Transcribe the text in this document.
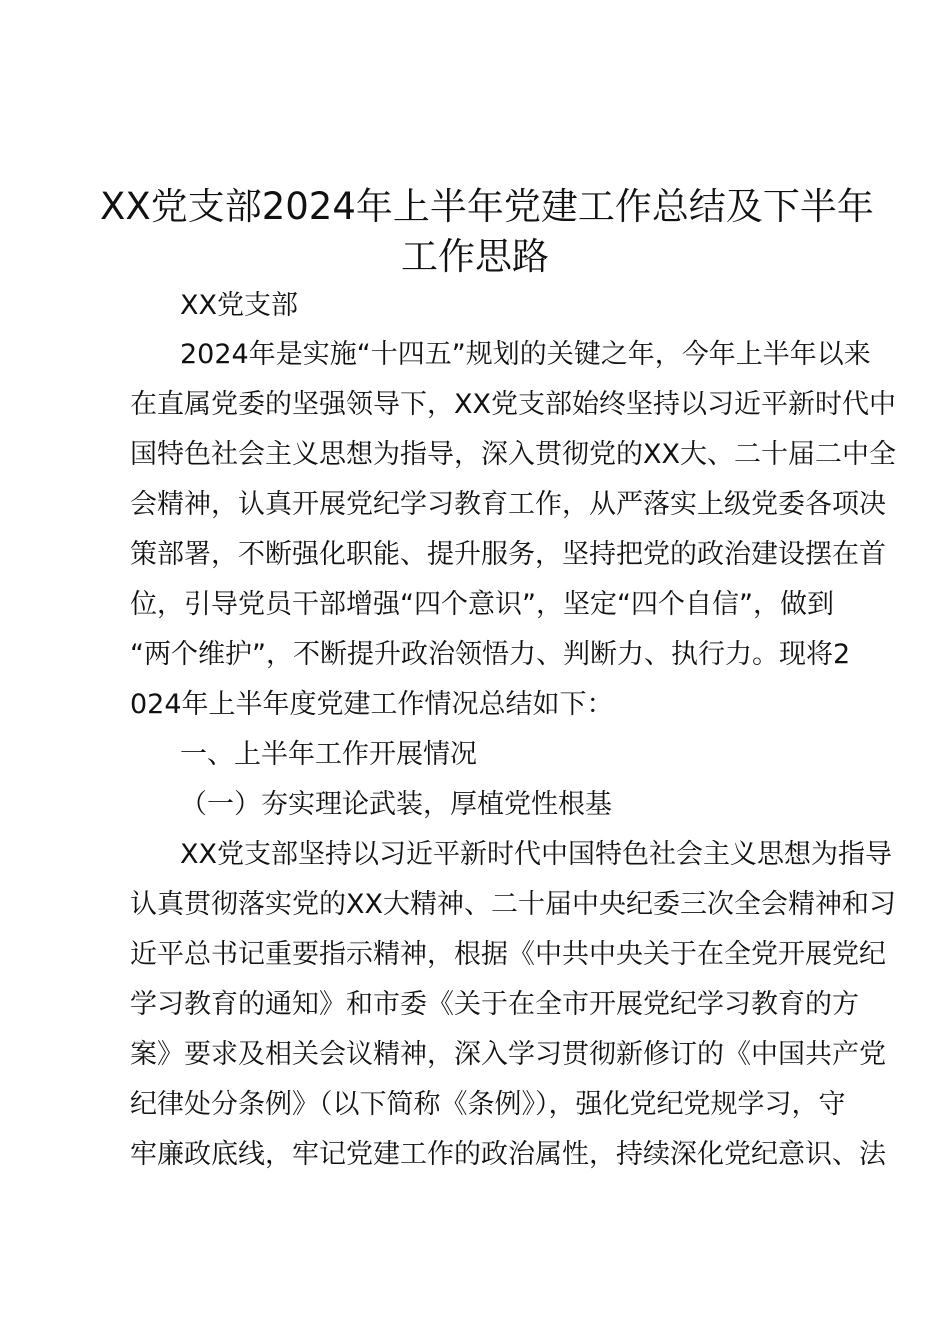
XX党支部2024年上半年党建工作总结及下半年
工作思路
XX党支部
2024年是实施“十四五”规划的关键之年，今年上半年以来
在直属党委的坚强领导下，XX党支部始终坚持以习近平新时代中
国特色社会主义思想为指导，深入贯彻党的XX大、二十届二中全
会精神，认真开展党纪学习教育工作，从严落实上级党委各项决
策部署，不断强化职能、提升服务，坚持把党的政治建设摆在首
位，引导党员干部增强“四个意识”，坚定“四个自信”，做到
“两个维护”，不断提升政治领悟力、判断力、执行力。现将2
024年上半年度党建工作情况总结如下：
一、上半年工作开展情况
（一）夯实理论武装，厚植党性根基
XX党支部坚持以习近平新时代中国特色社会主义思想为指导
认真贯彻落实党的XX大精神、二十届中央纪委三次全会精神和习
近平总书记重要指示精神，根据《中共中央关于在全党开展党纪
学习教育的通知》和市委《关于在全市开展党纪学习教育的方
案》要求及相关会议精神，深入学习贯彻新修订的《中国共产党
纪律处分条例》（以下简称《条例》），强化党纪党规学习，守
牢廉政底线，牢记党建工作的政治属性，持续深化党纪意识、法
